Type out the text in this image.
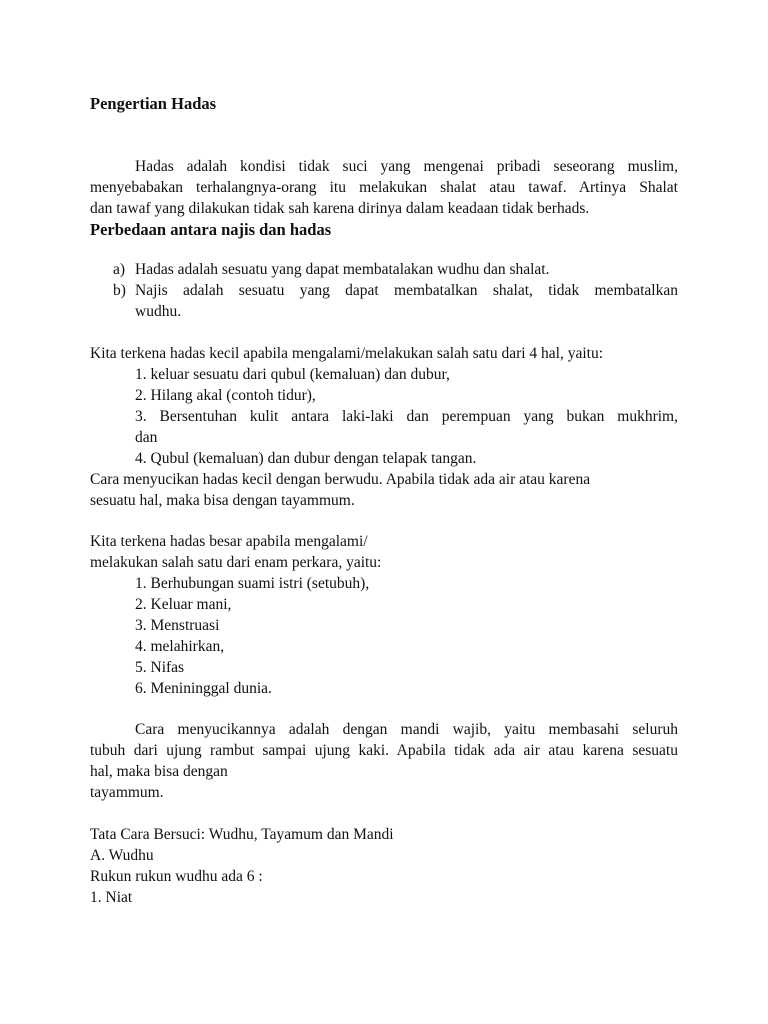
Pengertian Hadas
Hadas adalah kondisi tidak suci yang mengenai pribadi seseorang muslim,
menyebabakan terhalangnya-orang itu melakukan shalat atau tawaf. Artinya Shalat
dan tawaf yang dilakukan tidak sah karena dirinya dalam keadaan tidak berhads.
Perbedaan antara najis dan hadas
a) Hadas adalah sesuatu yang dapat membatalakan wudhu dan shalat.
b) Najis adalah sesuatu yang dapat membatalkan shalat, tidak membatalkan
wudhu.
Kita terkena hadas kecil apabila mengalami/melakukan salah satu dari 4 hal, yaitu:
1. keluar sesuatu dari qubul (kemaluan) dan dubur,
2. Hilang akal (contoh tidur),
3. Bersentuhan kulit antara laki-laki dan perempuan yang bukan mukhrim,
dan
4. Qubul (kemaluan) dan dubur dengan telapak tangan.
Cara menyucikan hadas kecil dengan berwudu. Apabila tidak ada air atau karena
sesuatu hal, maka bisa dengan tayammum.
Kita terkena hadas besar apabila mengalami/
melakukan salah satu dari enam perkara, yaitu:
1. Berhubungan suami istri (setubuh),
2. Keluar mani,
3. Menstruasi
4. melahirkan,
5. Nifas
6. Menininggal dunia.
Cara menyucikannya adalah dengan mandi wajib, yaitu membasahi seluruh
tubuh dari ujung rambut sampai ujung kaki. Apabila tidak ada air atau karena sesuatu
hal, maka bisa dengan
tayammum.
Tata Cara Bersuci: Wudhu, Tayamum dan Mandi
A. Wudhu
Rukun rukun wudhu ada 6 :
1. Niat
